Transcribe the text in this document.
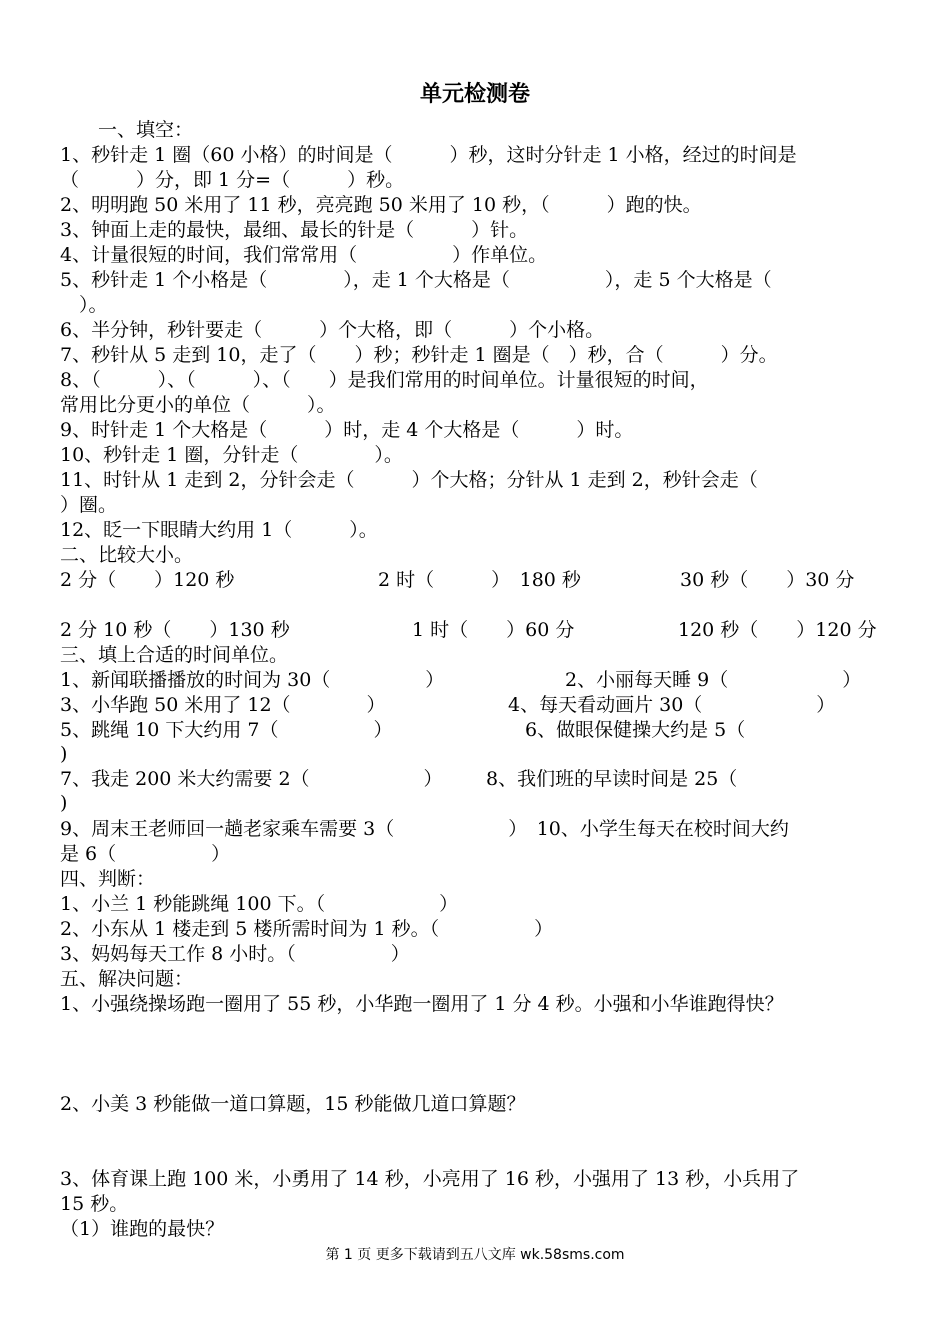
单元检测卷
　　一、填空：
1、秒针走 1 圈（60 小格）的时间是（　　　）秒，这时分针走 1 小格，经过的时间是
（　　　）分，即 1 分=（　　　）秒。
2、明明跑 50 米用了 11 秒，亮亮跑 50 米用了 10 秒，（　　　）跑的快。
3、钟面上走的最快，最细、最长的针是（　　　）针。
4、计量很短的时间，我们常常用（　　　　　）作单位。
5、秒针走 1 个小格是（　　　　），走 1 个大格是（　　　　　），走 5 个大格是（
　）。
6、半分钟，秒针要走（　　　）个大格，即（　　　）个小格。
7、秒针从 5 走到 10，走了（　　）秒；秒针走 1 圈是（　）秒，合（　　　）分。
8、（　　　）、（　　　）、（　　）是我们常用的时间单位。计量很短的时间，
常用比分更小的单位（　　　）。
9、时针走 1 个大格是（　　　）时，走 4 个大格是（　　　）时。
10、秒针走 1 圈，分针走（　　　　）。
11、时针从 1 走到 2，分针会走（　　　）个大格；分针从 1 走到 2，秒针会走（
）圈。
12、眨一下眼睛大约用 1（　　　）。
二、比较大小。
2 分（　　）120 秒	2 时（　　　）　180 秒	30 秒（　　）30 分
2 分 10 秒（　　）130 秒	1 时（　　）60 分	120 秒（　　）120 分
三、填上合适的时间单位。
1、新闻联播播放的时间为 30（　　　　　）	2、小丽每天睡 9（　　　　　　）
3、小华跑 50 米用了 12（　　　　）	4、每天看动画片 30（　　　　　　）
5、跳绳 10 下大约用 7（　　　　　）	6、做眼保健操大约是 5（
)
7、我走 200 米大约需要 2（　　　　　　） 8、我们班的早读时间是 25（
)
9、周末王老师回一趟老家乘车需要 3（　　　　　　）　10、小学生每天在校时间大约
是 6（　　　　　）
四、判断：
1、小兰 1 秒能跳绳 100 下。（　　　　　　）
2、小东从 1 楼走到 5 楼所需时间为 1 秒。（　　　　　）
3、妈妈每天工作 8 小时。（　　　　　）
五、解决问题：
1、小强绕操场跑一圈用了 55 秒，小华跑一圈用了 1 分 4 秒。小强和小华谁跑得快？
2、小美 3 秒能做一道口算题，15 秒能做几道口算题？
3、体育课上跑 100 米，小勇用了 14 秒，小亮用了 16 秒，小强用了 13 秒，小兵用了
15 秒。
（1）谁跑的最快？
第 1 页 更多下载请到五八文库 wk.58sms.com
